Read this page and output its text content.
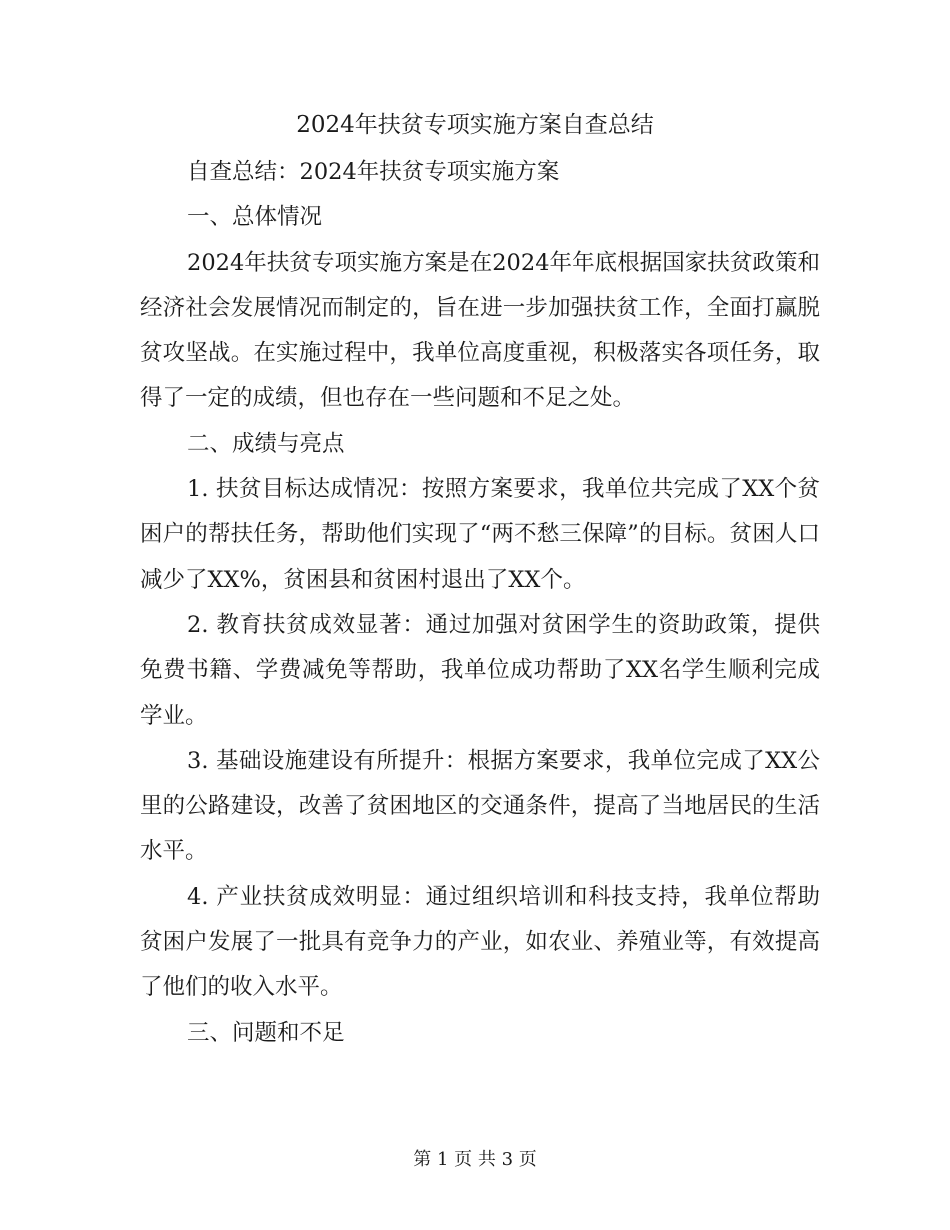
2024年扶贫专项实施方案自查总结

自查总结：2024年扶贫专项实施方案

一、总体情况

2024年扶贫专项实施方案是在2024年年底根据国家扶贫政策和经济社会发展情况而制定的，旨在进一步加强扶贫工作，全面打赢脱贫攻坚战。在实施过程中，我单位高度重视，积极落实各项任务，取得了一定的成绩，但也存在一些问题和不足之处。

二、成绩与亮点

1. 扶贫目标达成情况：按照方案要求，我单位共完成了XX个贫困户的帮扶任务，帮助他们实现了“两不愁三保障”的目标。贫困人口减少了XX%，贫困县和贫困村退出了XX个。

2. 教育扶贫成效显著：通过加强对贫困学生的资助政策，提供免费书籍、学费减免等帮助，我单位成功帮助了XX名学生顺利完成学业。

3. 基础设施建设有所提升：根据方案要求，我单位完成了XX公里的公路建设，改善了贫困地区的交通条件，提高了当地居民的生活水平。

4. 产业扶贫成效明显：通过组织培训和科技支持，我单位帮助贫困户发展了一批具有竞争力的产业，如农业、养殖业等，有效提高了他们的收入水平。

三、问题和不足

第 1 页 共 3 页
